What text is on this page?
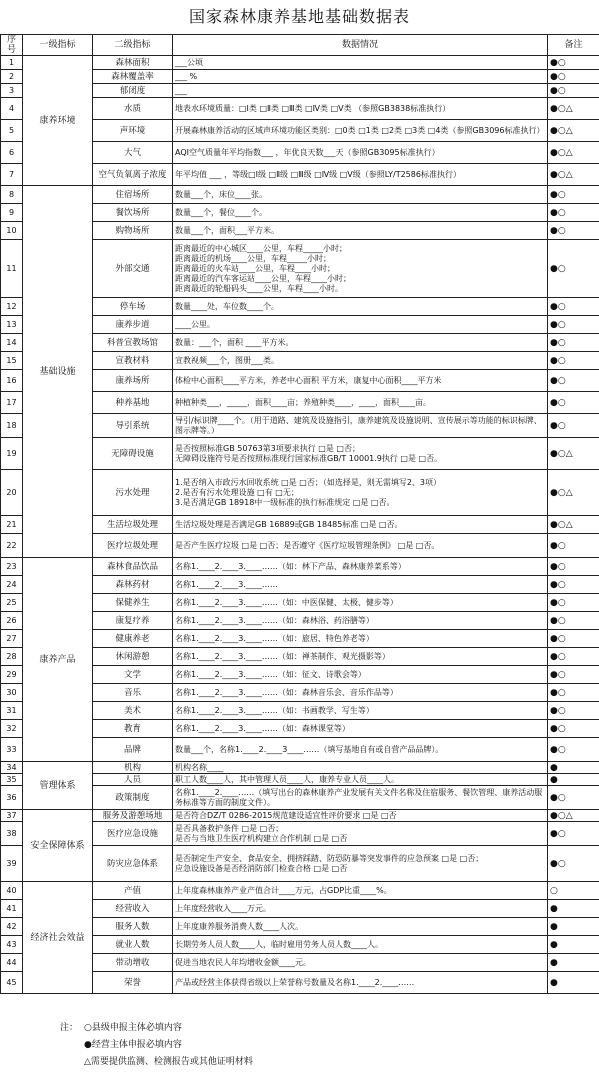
国家森林康养基地基础数据表
序号	一级指标	二级指标	数据情况	备注
1	康养环境	森林面积	___公顷	●○
2		森林覆盖率	___ %	●○
3		郁闭度	___	●○
4		水质	地表水环境质量：□Ⅰ类 □Ⅱ类 □Ⅲ类 □Ⅳ类 □Ⅴ类 （参照GB3838标准执行）	●○△
5		声环境	开展森林康养活动的区域声环境功能区类别：□0类 □1类 □2类 □3类 □4类（参照GB3096标准执行）	●○△
6		大气	AQI空气质量年平均指数___ ，年优良天数___天（参照GB3095标准执行）	●○△
7		空气负氧离子浓度	年平均值 ___ ，等级□Ⅰ级 □Ⅱ级 □Ⅲ级 □Ⅳ级 □Ⅴ级（参照LY/T2586标准执行）	●○△
8	基础设施	住宿场所	数量___个，床位____张。	●○
9		餐饮场所	数量___个，餐位____个。	●○
10		购物场所	数量___个，面积___平方米。	●○
11		外部交通	距离最近的中心城区____公里，车程_____小时；
距离最近的机场____公里，车程_____小时；
距离最近的火车站____公里，车程____小时；
距离最近的汽车客运站____公里，车程____小时；
距离最近的轮船码头____公里，车程____小时。	●○
12		停车场	数量____处，车位数____个。	●○
13		康养步道	____公里。	●○
14		科普宣教场馆	数量：___个，面积 ____平方米。	●○
15		宣教材料	宣教视频___个，图册___类。	●○
16		康养场所	体检中心面积____平方米，养老中心面积 平方米，康复中心面积____平方米	●○
17		种养基地	种植种类___，_____，面积____亩；养殖种类____，____，面积____亩。	●○
18		导引系统	导引/标识牌____个。（用于道路、建筑及设施指引，康养建筑及设施说明、宣传展示等功能的标识标牌、图示牌等。）	●○
19		无障碍设施	是否按照标准GB 50763第3项要求执行 □是 □否；
无障碍设施符号是否按照标准现行国家标准GB/T 10001.9执行 □是 □否。	●○△
20		污水处理	1.是否纳入市政污水回收系统 □是 □否；（如选择是，则无需填写2、3项）
2.是否有污水处理设施 □有 □无；
3.是否满足GB 18918中一级标准的执行标准规定 □是 □否。	●○△
21		生活垃圾处理	生活垃圾处理是否满足GB 16889或GB 18485标准 □是 □否。	●○△
22		医疗垃圾处理	是否产生医疗垃圾 □是 □否；是否遵守《医疗垃圾管理条例》 □是 □否。	●○
23	康养产品	森林食品饮品	名称1.____2.____3.____……（如：林下产品、森林康养菜系等）	●○
24		森林药材	名称1.____2.____3.____……	●○
25		保健养生	名称1.____2.____3.____……（如：中医保健、太极、健步等）	●○
26		康复疗养	名称1.____2.____3.____……（如：森林浴、药浴膳等）	●○
27		健康养老	名称1.____2.____3.____……（如：旅居、特色养老等）	●○
28		休闲游憩	名称1.____2.____3.____……（如：禅茶制作、观光摄影等）	●○
29		文学	名称1.____2.____3.____……（如：征文、诗歌会等）	●○
30		音乐	名称1.____2.____3.____……（如：森林音乐会、音乐作品等）	●○
31		美术	名称1.____2.____3.____……（如：书画教学、写生等）	●○
32		教育	名称1.____2.____3.____……（如：森林课堂等）	●○
33		品牌	数量___个，名称1.____2.____3____……（填写基地自有或自营产品品牌）。	●○
34	管理体系	机构	机构名称____	●
35		人员	职工人数____人，其中管理人员____人，康养专业人员____人。	●
36		政策制度	名称1.____2.____……（填写出台的森林康养产业发展有关文件名称及住宿服务、餐饮管理、康养活动服务标准等方面的制度文件）。	●○
37	安全保障体系	服务及游憩场地	是否符合DZ/T 0286-2015规范建设适宜性评价要求 □是 □否	●○△
38		医疗应急设施	是否具备救护条件 □是 □否；
是否与当地卫生医疗机构建立合作机制 □是 □否	●○
39		防灾应急体系	是否制定生产安全、食品安全、拥挤踩踏、防恐防暴等突发事件的应急预案 □是 □否；
应急设施设备是否经消防部门检查合格 □是 □否	●○
40	经济社会效益	产值	上年度森林康养产业产值合计____万元，占GDP比重____%。	○
41		经营收入	上年度经营收入____万元。	●
42		服务人数	上年度康养服务消费人数____人次。	●
43		就业人数	长期劳务人员人数____人，临时雇用劳务人员人数____人。	●
44		带动增收	促进当地农民人年均增收金额____元。	●
45		荣誉	产品或经营主体获得省级以上荣誉称号数量及名称1.____2.____……	●
注： ○县级申报主体必填内容
●经营主体申报必填内容
△需要提供监测、检测报告或其他证明材料
